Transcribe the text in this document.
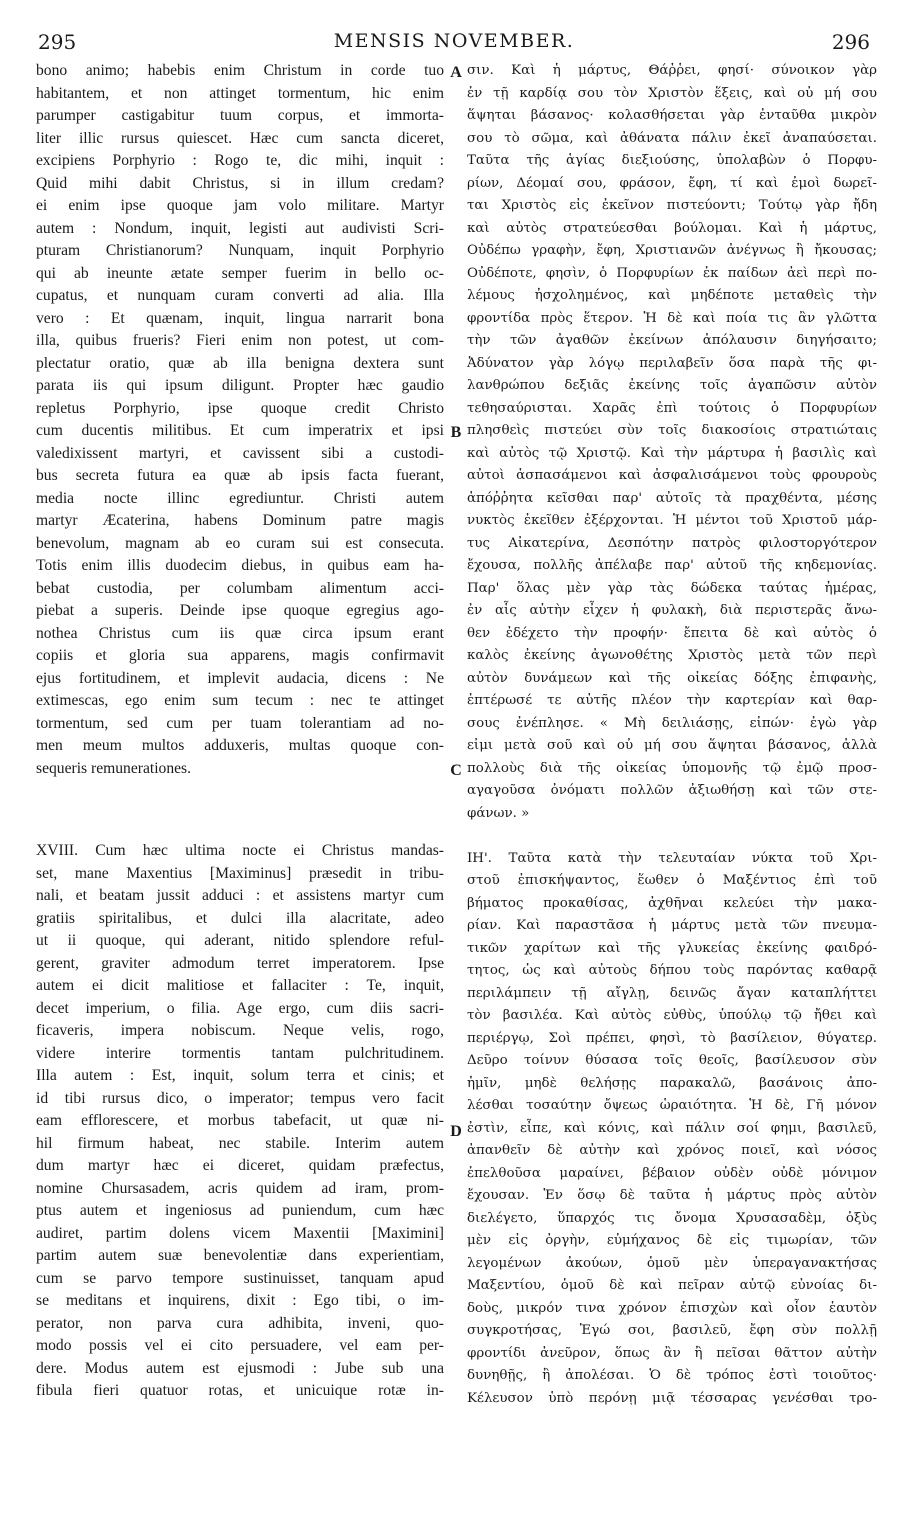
295	MENSIS NOVEMBER.	296
bono animo; habebis enim Christum in corde tuo
habitantem, et non attinget tormentum, hic enim
parumper castigabitur tuum corpus, et immorta-
liter illic rursus quiescet. Hæc cum sancta diceret,
excipiens Porphyrio : Rogo te, dic mihi, inquit :
Quid mihi dabit Christus, si in illum credam?
ei enim ipse quoque jam volo militare. Martyr
autem : Nondum, inquit, legisti aut audivisti Scri-
pturam Christianorum? Nunquam, inquit Porphyrio
qui ab ineunte ætate semper fuerim in bello oc-
cupatus, et nunquam curam converti ad alia. Illa
vero : Et quænam, inquit, lingua narrarit bona
illa, quibus frueris? Fieri enim non potest, ut com-
plectatur oratio, quæ ab illa benigna dextera sunt
parata iis qui ipsum diligunt. Propter hæc gaudio
repletus Porphyrio, ipse quoque credit Christo
cum ducentis militibus. Et cum imperatrix et ipsi
valedixissent martyri, et cavissent sibi a custodi-
bus secreta futura ea quæ ab ipsis facta fuerant,
media nocte illinc egrediuntur. Christi autem
martyr Æcaterina, habens Dominum patre magis
benevolum, magnam ab eo curam sui est consecuta.
Totis enim illis duodecim diebus, in quibus eam ha-
bebat custodia, per columbam alimentum acci-
piebat a superis. Deinde ipse quoque egregius ago-
nothea Christus cum iis quæ circa ipsum erant
copiis et gloria sua apparens, magis confirmavit
ejus fortitudinem, et implevit audacia, dicens : Ne
extimescas, ego enim sum tecum : nec te attinget
tormentum, sed cum per tuam tolerantiam ad no-
men meum multos adduxeris, multas quoque con-
sequeris remunerationes.
XVIII. Cum hæc ultima nocte ei Christus mandas-
set, mane Maxentius [Maximinus] præsedit in tribu-
nali, et beatam jussit adduci : et assistens martyr cum
gratiis spiritalibus, et dulci illa alacritate, adeo
ut ii quoque, qui aderant, nitido splendore reful-
gerent, graviter admodum terret imperatorem. Ipse
autem ei dicit malitiose et fallaciter : Te, inquit,
decet imperium, o filia. Age ergo, cum diis sacri-
ficaveris, impera nobiscum. Neque velis, rogo,
videre interire tormentis tantam pulchritudinem.
Illa autem : Est, inquit, solum terra et cinis; et
id tibi rursus dico, o imperator; tempus vero facit
eam efflorescere, et morbus tabefacit, ut quæ ni-
hil firmum habeat, nec stabile. Interim autem
dum martyr hæc ei diceret, quidam præfectus,
nomine Chursasadem, acris quidem ad iram, prom-
ptus autem et ingeniosus ad puniendum, cum hæc
audiret, partim dolens vicem Maxentii [Maximini]
partim autem suæ benevolentiæ dans experientiam,
cum se parvo tempore sustinuisset, tanquam apud
se meditans et inquirens, dixit : Ego tibi, o im-
perator, non parva cura adhibita, inveni, quo-
modo possis vel ei cito persuadere, vel eam per-
dere. Modus autem est ejusmodi : Jube sub una
fibula fieri quatuor rotas, et unicuique rotæ in-
σιν. Καὶ ἡ μάρτυς, Θάῤῥει, φησί· σύνοικον γὰρ
ἐν τῇ καρδίᾳ σου τὸν Χριστὸν ἕξεις, καὶ οὐ μή σου
ἅψηται βάσανος· κολασθήσεται γὰρ ἐνταῦθα μικρὸν
σου τὸ σῶμα, καὶ ἀθάνατα πάλιν ἐκεῖ ἀναπαύσεται.
Ταῦτα τῆς ἁγίας διεξιούσης, ὑπολαβὼν ὁ Πορφυ-
ρίων, Δέομαί σου, φράσον, ἔφη, τί καὶ ἐμοὶ δωρεῖ-
ται Χριστὸς εἰς ἐκεῖνον πιστεύοντι; Τούτῳ γὰρ ἤδη
καὶ αὐτὸς στρατεύεσθαι βούλομαι. Καὶ ἡ μάρτυς,
Οὐδέπω γραφὴν, ἔφη, Χριστιανῶν ἀνέγνως ἢ ἤκουσας;
Οὐδέποτε, φησὶν, ὁ Πορφυρίων ἐκ παίδων ἀεὶ περὶ πο-
λέμους ἠσχολημένος, καὶ μηδέποτε μεταθεὶς τὴν
φροντίδα πρὸς ἕτερον. Ἡ δὲ καὶ ποία τις ἂν γλῶττα
τὴν τῶν ἀγαθῶν ἐκείνων ἀπόλαυσιν διηγήσαιτο;
Ἀδύνατον γὰρ λόγῳ περιλαβεῖν ὅσα παρὰ τῆς φι-
λανθρώπου δεξιᾶς ἐκείνης τοῖς ἀγαπῶσιν αὐτὸν
τεθησαύρισται. Χαρᾶς ἐπὶ τούτοις ὁ Πορφυρίων
πλησθεὶς πιστεύει σὺν τοῖς διακοσίοις στρατιώταις
καὶ αὐτὸς τῷ Χριστῷ. Καὶ τὴν μάρτυρα ἡ βασιλὶς καὶ
αὐτοὶ ἀσπασάμενοι καὶ ἀσφαλισάμενοι τοὺς φρουροὺς
ἀπόῤῥητα κεῖσθαι παρ' αὐτοῖς τὰ πραχθέντα, μέσης
νυκτὸς ἐκεῖθεν ἐξέρχονται. Ἡ μέντοι τοῦ Χριστοῦ μάρ-
τυς Αἰκατερίνα, Δεσπότην πατρὸς φιλοστοργότερον
ἔχουσα, πολλῆς ἀπέλαβε παρ' αὐτοῦ τῆς κηδεμονίας.
Παρ' ὅλας μὲν γὰρ τὰς δώδεκα ταύτας ἡμέρας,
ἐν αἷς αὐτὴν εἶχεν ἡ φυλακὴ, διὰ περιστερᾶς ἄνω-
θεν ἐδέχετο τὴν προφήν· ἔπειτα δὲ καὶ αὐτὸς ὁ
καλὸς ἐκείνης ἀγωνοθέτης Χριστὸς μετὰ τῶν περὶ
αὐτὸν δυνάμεων καὶ τῆς οἰκείας δόξης ἐπιφανὴς,
ἐπτέρωσέ τε αὐτῆς πλέον τὴν καρτερίαν καὶ θαρ-
σους ἐνέπλησε. « Μὴ δειλιάσῃς, εἰπών· ἐγὼ γὰρ
εἰμι μετὰ σοῦ καὶ οὐ μή σου ἅψηται βάσανος, ἀλλὰ
πολλοὺς διὰ τῆς οἰκείας ὑπομονῆς τῷ ἐμῷ προσ-
αγαγοῦσα ὀνόματι πολλῶν ἀξιωθήσῃ καὶ τῶν στε-
φάνων. »
ΙΗ'. Ταῦτα κατὰ τὴν τελευταίαν νύκτα τοῦ Χρι-
στοῦ ἐπισκήψαντος, ἕωθεν ὁ Μαξέντιος ἐπὶ τοῦ
βήματος προκαθίσας, ἀχθῆναι κελεύει τὴν μακα-
ρίαν. Καὶ παραστᾶσα ἡ μάρτυς μετὰ τῶν πνευμα-
τικῶν χαρίτων καὶ τῆς γλυκείας ἐκείνης φαιδρό-
τητος, ὡς καὶ αὐτοὺς δήπου τοὺς παρόντας καθαρᾷ
περιλάμπειν τῇ αἴγλῃ, δεινῶς ἄγαν καταπλήττει
τὸν βασιλέα. Καὶ αὐτὸς εὐθὺς, ὑπούλῳ τῷ ἤθει καὶ
περιέργῳ, Σοὶ πρέπει, φησὶ, τὸ βασίλειον, θύγατερ.
Δεῦρο τοίνυν θύσασα τοῖς θεοῖς, βασίλευσον σὺν
ἡμῖν, μηδὲ θελήσῃς παρακαλῶ, βασάνοις ἀπο-
λέσθαι τοσαύτην ὄψεως ὡραιότητα. Ἡ δὲ, Γῆ μόνον
ἐστὶν, εἶπε, καὶ κόνις, καὶ πάλιν σοί φημι, βασιλεῦ,
ἀπανθεῖν δὲ αὐτὴν καὶ χρόνος ποιεῖ, καὶ νόσος
ἐπελθοῦσα μαραίνει, βέβαιον οὐδὲν οὐδὲ μόνιμον
ἔχουσαν. Ἐν ὅσῳ δὲ ταῦτα ἡ μάρτυς πρὸς αὐτὸν
διελέγετο, ὕπαρχός τις ὄνομα Χρυσασαδὲμ, ὀξὺς
μὲν εἰς ὀργὴν, εὐμήχανος δὲ εἰς τιμωρίαν, τῶν
λεγομένων ἀκούων, ὁμοῦ μὲν ὑπεραγανακτήσας
Μαξεντίου, ὁμοῦ δὲ καὶ πεῖραν αὐτῷ εὐνοίας δι-
δοὺς, μικρόν τινα χρόνον ἐπισχὼν καὶ οἷον ἑαυτὸν
συγκροτήσας, Ἐγώ σοι, βασιλεῦ, ἔφη σὺν πολλῇ
φροντίδι ἀνεῦρον, ὅπως ἂν ἢ πεῖσαι θᾶττον αὐτὴν
δυνηθῇς, ἢ ἀπολέσαι. Ὁ δὲ τρόπος ἐστὶ τοιοῦτος·
Κέλευσον ὑπὸ περόνῃ μιᾷ τέσσαρας γενέσθαι τρο-
A
B
C
D
